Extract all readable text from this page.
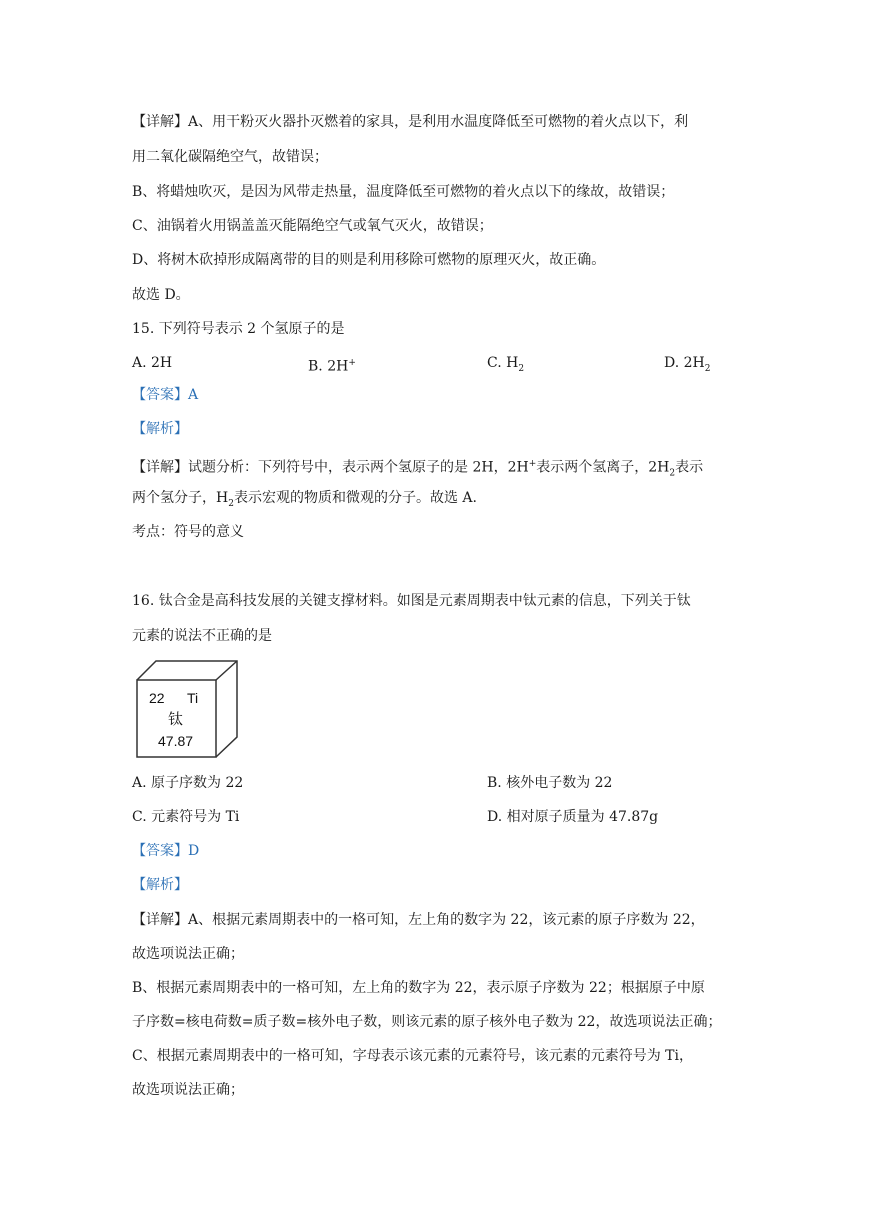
【详解】A、用干粉灭火器扑灭燃着的家具，是利用水温度降低至可燃物的着火点以下，利
用二氧化碳隔绝空气，故错误；
B、将蜡烛吹灭，是因为风带走热量，温度降低至可燃物的着火点以下的缘故，故错误；
C、油锅着火用锅盖盖灭能隔绝空气或氧气灭火，故错误；
D、将树木砍掉形成隔离带的目的则是利用移除可燃物的原理灭火，故正确。
故选 D。
15. 下列符号表示 2 个氢原子的是
A. 2H	B. 2H+	C. $H_2$	D. $2H_2$
【答案】A
【解析】
【详解】试题分析：下列符号中，表示两个氢原子的是 2H，2H+表示两个氢离子，$2H_2$表示
两个氢分子，$H_2$表示宏观的物质和微观的分子。故选 A.
考点：符号的意义
16. 钛合金是高科技发展的关键支撑材料。如图是元素周期表中钛元素的信息，下列关于钛
元素的说法不正确的是
22 Ti
钛
47.87
A. 原子序数为 22	B. 核外电子数为 22
C. 元素符号为 Ti	D. 相对原子质量为 47.87g
【答案】D
【解析】
【详解】A、根据元素周期表中的一格可知，左上角的数字为 22，该元素的原子序数为 22，
故选项说法正确；
B、根据元素周期表中的一格可知，左上角的数字为 22，表示原子序数为 22；根据原子中原
子序数=核电荷数=质子数=核外电子数，则该元素的原子核外电子数为 22，故选项说法正确；
C、根据元素周期表中的一格可知，字母表示该元素的元素符号，该元素的元素符号为 Ti，
故选项说法正确；
